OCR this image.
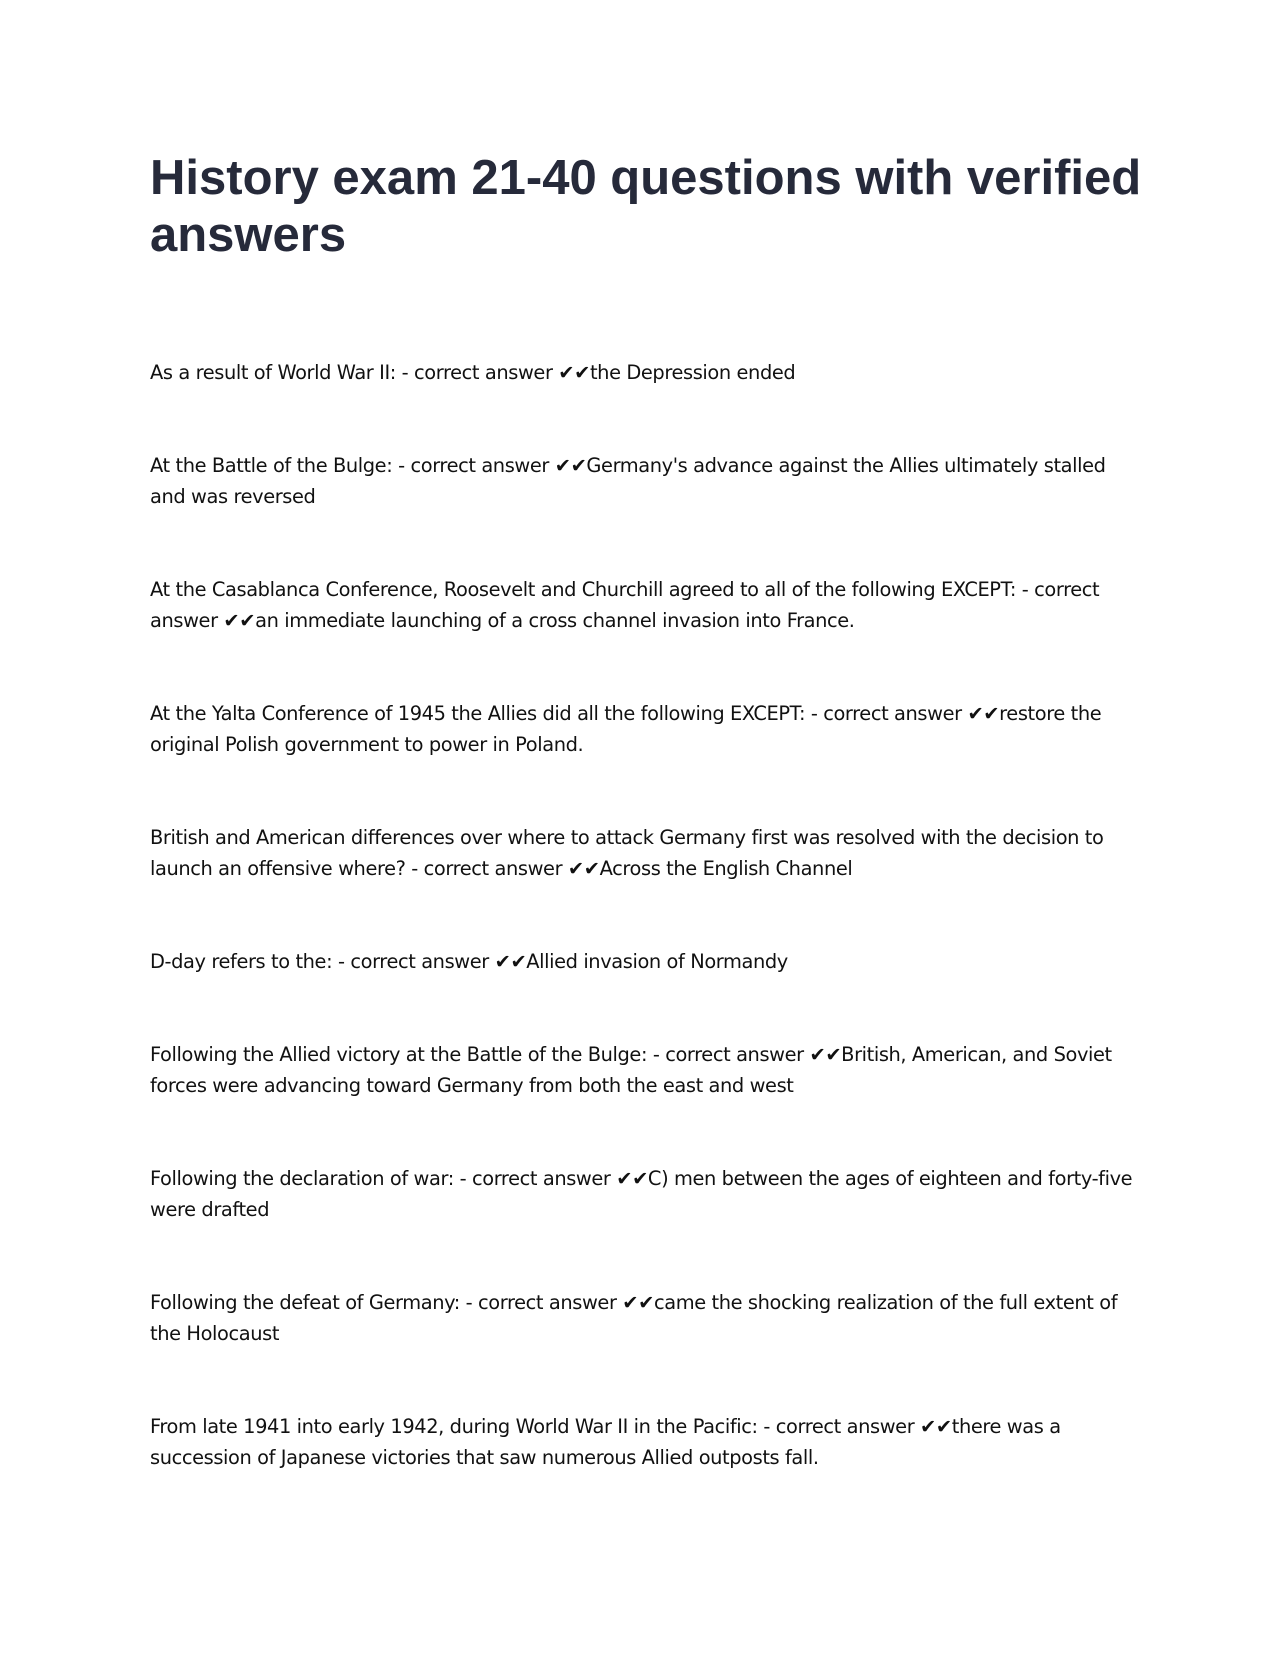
History exam 21-40 questions with verified answers
As a result of World War II: - correct answer ✔✔the Depression ended
At the Battle of the Bulge: - correct answer ✔✔Germany's advance against the Allies ultimately stalled and was reversed
At the Casablanca Conference, Roosevelt and Churchill agreed to all of the following EXCEPT: - correct answer ✔✔an immediate launching of a cross channel invasion into France.
At the Yalta Conference of 1945 the Allies did all the following EXCEPT: - correct answer ✔✔restore the original Polish government to power in Poland.
British and American differences over where to attack Germany first was resolved with the decision to launch an offensive where? - correct answer ✔✔Across the English Channel
D-day refers to the: - correct answer ✔✔Allied invasion of Normandy
Following the Allied victory at the Battle of the Bulge: - correct answer ✔✔British, American, and Soviet forces were advancing toward Germany from both the east and west
Following the declaration of war: - correct answer ✔✔C) men between the ages of eighteen and forty-five were drafted
Following the defeat of Germany: - correct answer ✔✔came the shocking realization of the full extent of the Holocaust
From late 1941 into early 1942, during World War II in the Pacific: - correct answer ✔✔there was a succession of Japanese victories that saw numerous Allied outposts fall.
